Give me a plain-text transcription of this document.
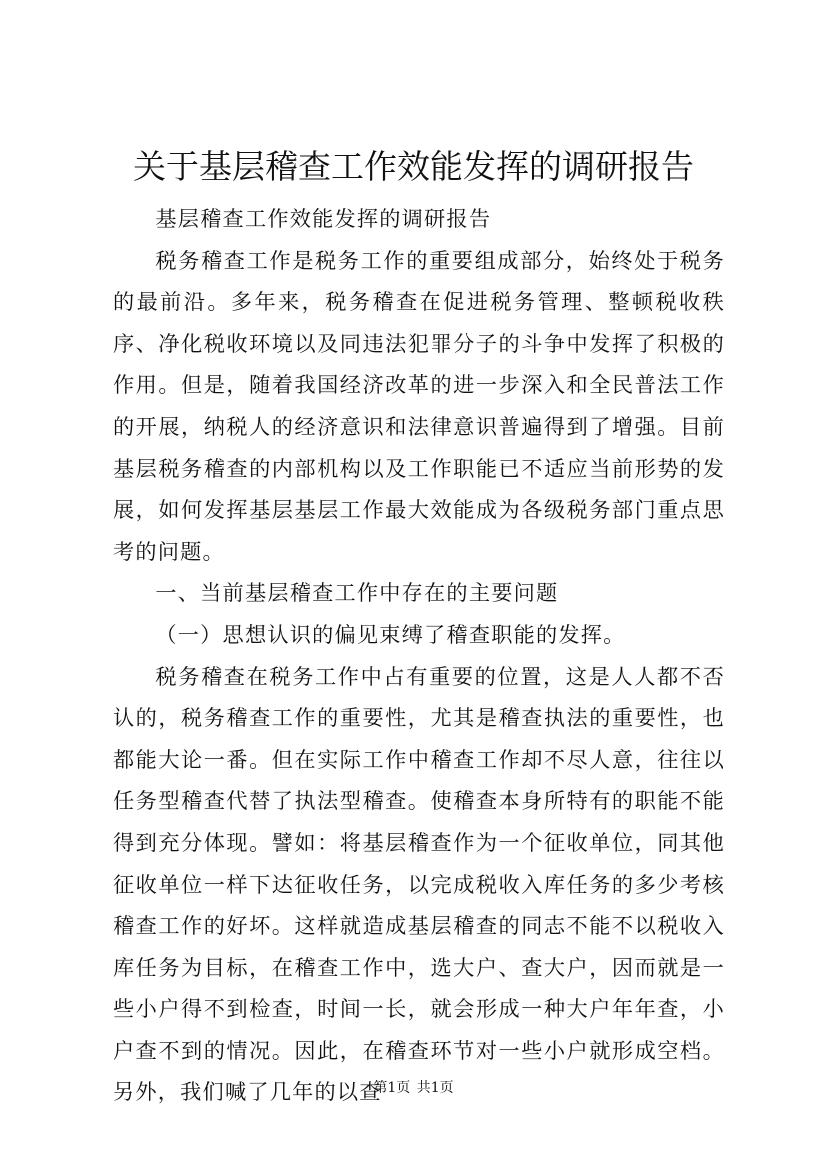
关于基层稽查工作效能发挥的调研报告

基层稽查工作效能发挥的调研报告

税务稽查工作是税务工作的重要组成部分，始终处于税务的最前沿。多年来，税务稽查在促进税务管理、整顿税收秩序、净化税收环境以及同违法犯罪分子的斗争中发挥了积极的作用。但是，随着我国经济改革的进一步深入和全民普法工作的开展，纳税人的经济意识和法律意识普遍得到了增强。目前基层税务稽查的内部机构以及工作职能已不适应当前形势的发展，如何发挥基层基层工作最大效能成为各级税务部门重点思考的问题。

一、当前基层稽查工作中存在的主要问题

（一）思想认识的偏见束缚了稽查职能的发挥。

税务稽查在税务工作中占有重要的位置，这是人人都不否认的，税务稽查工作的重要性，尤其是稽查执法的重要性，也都能大论一番。但在实际工作中稽查工作却不尽人意，往往以任务型稽查代替了执法型稽查。使稽查本身所特有的职能不能得到充分体现。譬如：将基层稽查作为一个征收单位，同其他征收单位一样下达征收任务，以完成税收入库任务的多少考核稽查工作的好坏。这样就造成基层稽查的同志不能不以税收入库任务为目标，在稽查工作中，选大户、查大户，因而就是一些小户得不到检查，时间一长，就会形成一种大户年年查，小户查不到的情况。因此，在稽查环节对一些小户就形成空档。另外，我们喊了几年的以查

第1页 共1页
